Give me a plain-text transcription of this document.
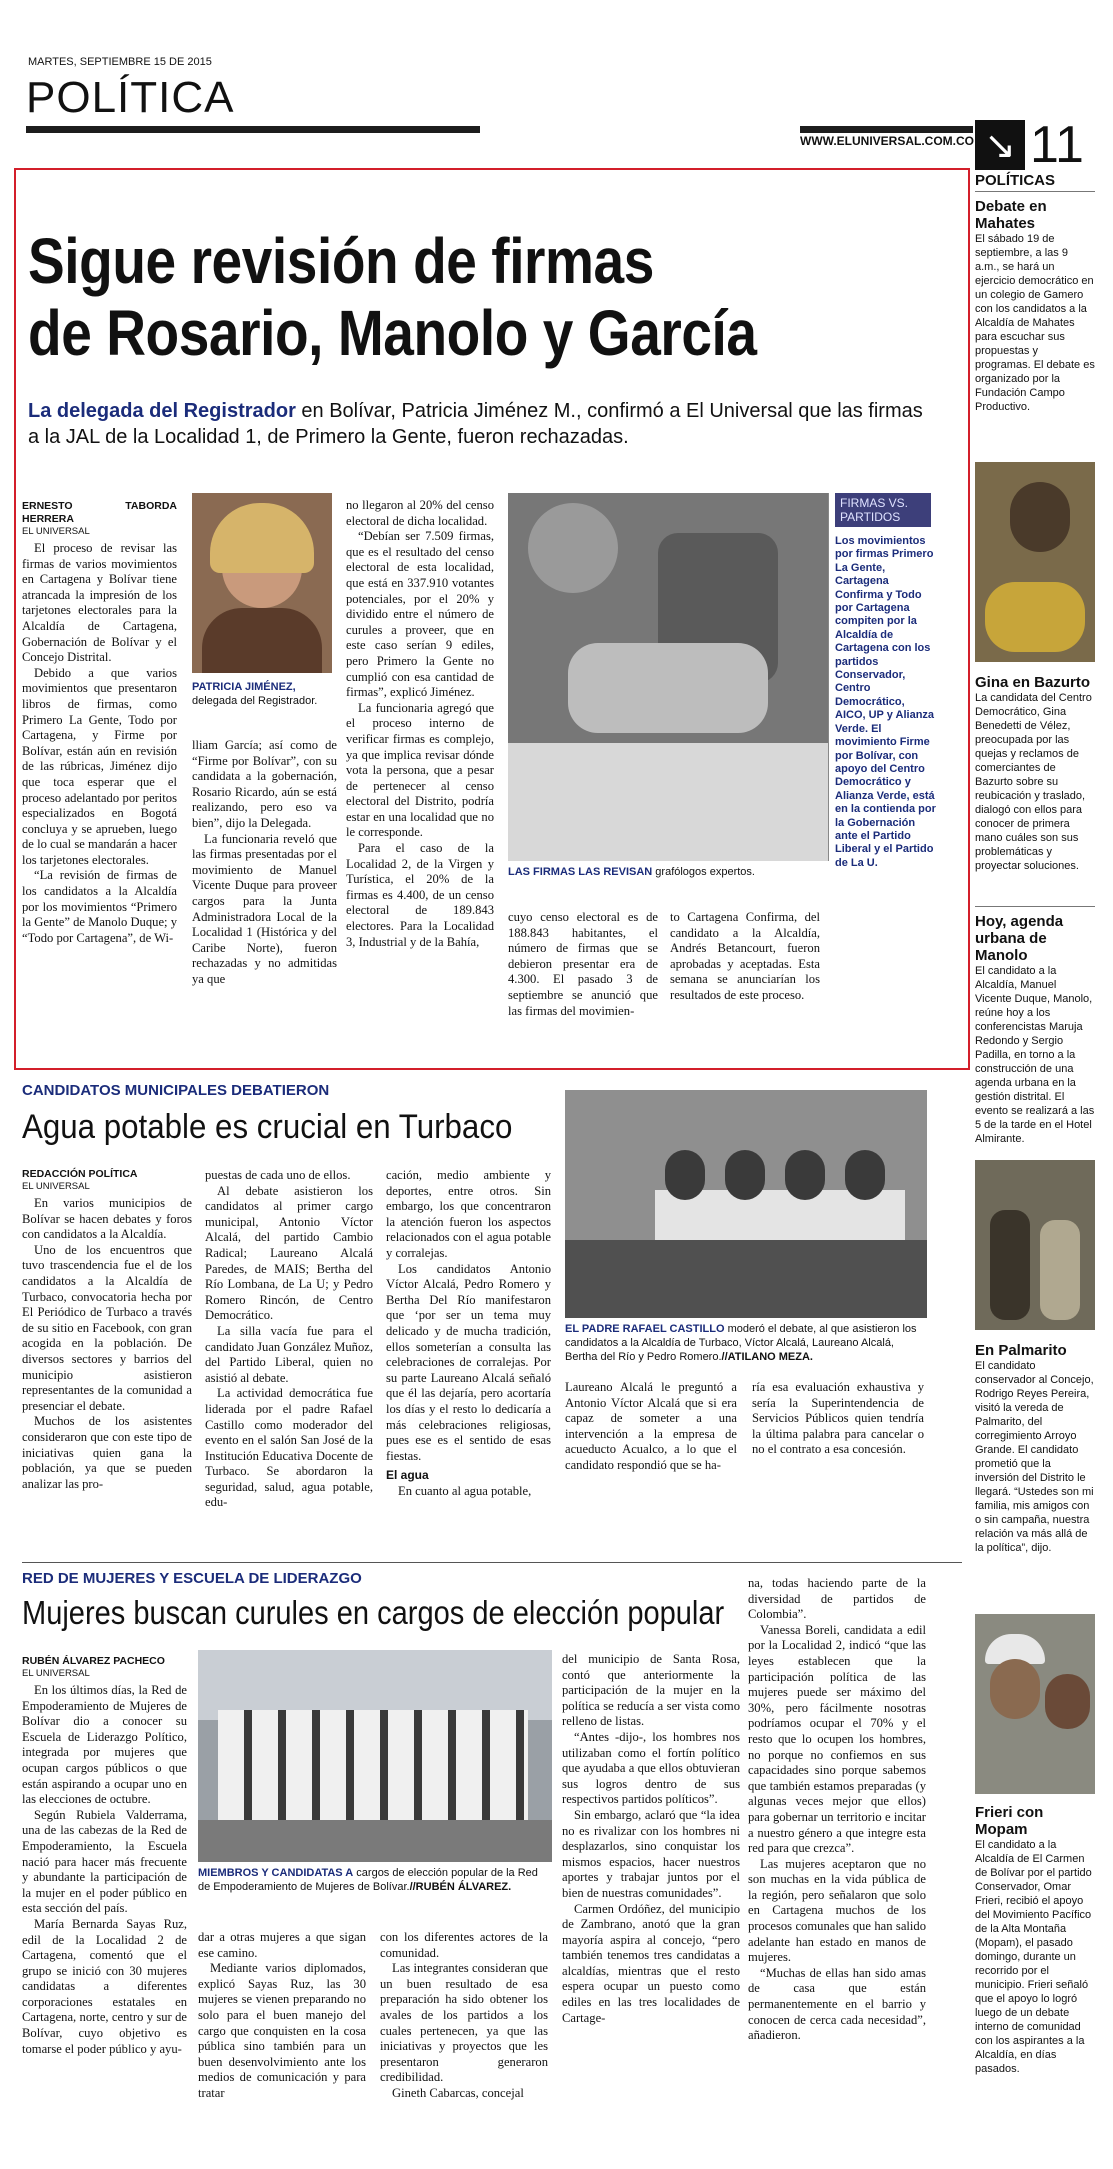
MARTES, SEPTIEMBRE 15 DE 2015
POLÍTICA
WWW.ELUNIVERSAL.COM.CO ↘ 11
Sigue revisión de firmas
de Rosario, Manolo y García
La delegada del Registrador en Bolívar, Patricia Jiménez M., confirmó a El Universal que las firmas a la JAL de la Localidad 1, de Primero la Gente, fueron rechazadas.
ERNESTO TABORDA HERRERA
EL UNIVERSAL

El proceso de revisar las firmas de varios movimientos en Cartagena y Bolívar tiene atrancada la impresión de los tarjetones electorales para la Alcaldía de Cartagena, Gobernación de Bolívar y el Concejo Distrital.

Debido a que varios movimientos que presentaron libros de firmas, como Primero La Gente, Todo por Cartagena, y Firme por Bolívar, están aún en revisión de las rúbricas, Jiménez dijo que toca esperar que el proceso adelantado por peritos especializados en Bogotá concluya y se aprueben, luego de lo cual se mandarán a hacer los tarjetones electorales.

“La revisión de firmas de los candidatos a la Alcaldía por los movimientos “Primero la Gente” de Manolo Duque; y “Todo por Cartagena”, de Wi-

PATRICIA JIMÉNEZ, delegada del Registrador.

lliam García; así como de “Firme por Bolívar”, con su candidata a la gobernación, Rosario Ricardo, aún se está realizando, pero eso va bien”, dijo la Delegada.

La funcionaria reveló que las firmas presentadas por el movimiento de Manuel Vicente Duque para proveer cargos para la Junta Administradora Local de la Localidad 1 (Histórica y del Caribe Norte), fueron rechazadas y no admitidas ya que

no llegaron al 20% del censo electoral de dicha localidad.

“Debían ser 7.509 firmas, que es el resultado del censo electoral de esta localidad, que está en 337.910 votantes potenciales, por el 20% y dividido entre el número de curules a proveer, que en este caso serían 9 ediles, pero Primero la Gente no cumplió con esa cantidad de firmas”, explicó Jiménez.

La funcionaria agregó que el proceso interno de verificar firmas es complejo, ya que implica revisar dónde vota la persona, que a pesar de pertenecer al censo electoral del Distrito, podría estar en una localidad que no le corresponde.

Para el caso de la Localidad 2, de la Virgen y Turística, el 20% de la firmas es 4.400, de un censo electoral de 189.843 electores. Para la Localidad 3, Industrial y de la Bahía,

LAS FIRMAS LAS REVISAN grafólogos expertos.
FIRMAS VS. PARTIDOS
Los movimientos por firmas Primero La Gente, Cartagena Confirma y Todo por Cartagena compiten por la Alcaldía de Cartagena con los partidos Conservador, Centro Democrático, AICO, UP y Alianza Verde. El movimiento Firme por Bolívar, con apoyo del Centro Democrático y Alianza Verde, está en la contienda por la Gobernación ante el Partido Liberal y el Partido de La U.

cuyo censo electoral es de 188.843 habitantes, el número de firmas que se debieron presentar era de 4.300. El pasado 3 de septiembre se anunció que las firmas del movimien-

to Cartagena Confirma, del candidato a la Alcaldía, Andrés Betancourt, fueron aprobadas y aceptadas. Esta semana se anunciarían los resultados de este proceso.

POLÍTICAS
Debate en Mahates
El sábado 19 de septiembre, a las 9 a.m., se hará un ejercicio democrático en un colegio de Gamero con los candidatos a la Alcaldía de Mahates para escuchar sus propuestas y programas. El debate es organizado por la Fundación Campo Productivo.
Gina en Bazurto
La candidata del Centro Democrático, Gina Benedetti de Vélez, preocupada por las quejas y reclamos de comerciantes de Bazurto sobre su reubicación y traslado, dialogó con ellos para conocer de primera mano cuáles son sus problemáticas y proyectar soluciones.
Hoy, agenda urbana de Manolo
El candidato a la Alcaldía, Manuel Vicente Duque, Manolo, reúne hoy a los conferencistas Maruja Redondo y Sergio Padilla, en torno a la construcción de una agenda urbana en la gestión distrital. El evento se realizará a las 5 de la tarde en el Hotel Almirante.
En Palmarito
El candidato conservador al Concejo, Rodrigo Reyes Pereira, visitó la vereda de Palmarito, del corregimiento Arroyo Grande. El candidato prometió que la inversión del Distrito le llegará. “Ustedes son mi familia, mis amigos con o sin campaña, nuestra relación va más allá de la política”, dijo.
Frieri con Mopam
El candidato a la Alcaldía de El Carmen de Bolívar por el partido Conservador, Omar Frieri, recibió el apoyo del Movimiento Pacífico de la Alta Montaña (Mopam), el pasado domingo, durante un recorrido por el municipio. Frieri señaló que el apoyo lo logró luego de un debate interno de comunidad con los aspirantes a la Alcaldía, en días pasados.
CANDIDATOS MUNICIPALES DEBATIERON
Agua potable es crucial en Turbaco
REDACCIÓN POLÍTICA
EL UNIVERSAL

En varios municipios de Bolívar se hacen debates y foros con candidatos a la Alcaldía.

Uno de los encuentros que tuvo trascendencia fue el de los candidatos a la Alcaldía de Turbaco, convocatoria hecha por El Periódico de Turbaco a través de su sitio en Facebook, con gran acogida en la población. De diversos sectores y barrios del municipio asistieron representantes de la comunidad a presenciar el debate.

Muchos de los asistentes consideraron que con este tipo de iniciativas quien gana la población, ya que se pueden analizar las pro-

puestas de cada uno de ellos.

Al debate asistieron los candidatos al primer cargo municipal, Antonio Víctor Alcalá, del partido Cambio Radical; Laureano Alcalá Paredes, de MAIS; Bertha del Río Lombana, de La U; y Pedro Romero Rincón, de Centro Democrático.

La silla vacía fue para el candidato Juan González Muñoz, del Partido Liberal, quien no asistió al debate.

La actividad democrática fue liderada por el padre Rafael Castillo como moderador del evento en el salón San José de la Institución Educativa Docente de Turbaco. Se abordaron la seguridad, salud, agua potable, edu-

cación, medio ambiente y deportes, entre otros. Sin embargo, los que concentraron la atención fueron los aspectos relacionados con el agua potable y corralejas.

Los candidatos Antonio Víctor Alcalá, Pedro Romero y Bertha Del Río manifestaron que ‘por ser un tema muy delicado y de mucha tradición, ellos someterían a consulta las celebraciones de corralejas. Por su parte Laureano Alcalá señaló que él las dejaría, pero acortaría los días y el resto lo dedicaría a más celebraciones religiosas, pues ese es el sentido de esas fiestas.

El agua

En cuanto al agua potable,

EL PADRE RAFAEL CASTILLO moderó el debate, al que asistieron los candidatos a la Alcaldía de Turbaco, Víctor Alcalá, Laureano Alcalá, Bertha del Río y Pedro Romero.//ATILANO MEZA.

Laureano Alcalá le preguntó a Antonio Víctor Alcalá que si era capaz de someter a una intervención a la empresa de acueducto Acualco, a lo que el candidato respondió que se ha-

ría esa evaluación exhaustiva y sería la Superintendencia de Servicios Públicos quien tendría la última palabra para cancelar o no el contrato a esa concesión.

RED DE MUJERES Y ESCUELA DE LIDERAZGO
Mujeres buscan curules en cargos de elección popular
RUBÉN ÁLVAREZ PACHECO
EL UNIVERSAL

En los últimos días, la Red de Empoderamiento de Mujeres de Bolívar dio a conocer su Escuela de Liderazgo Político, integrada por mujeres que ocupan cargos públicos o que están aspirando a ocupar uno en las elecciones de octubre.

Según Rubiela Valderrama, una de las cabezas de la Red de Empoderamiento, la Escuela nació para hacer más frecuente y abundante la participación de la mujer en el poder público en esta sección del país.

María Bernarda Sayas Ruz, edil de la Localidad 2 de Cartagena, comentó que el grupo se inició con 30 mujeres candidatas a diferentes corporaciones estatales en Cartagena, norte, centro y sur de Bolívar, cuyo objetivo es tomarse el poder público y ayu-

MIEMBROS Y CANDIDATAS A cargos de elección popular de la Red de Empoderamiento de Mujeres de Bolívar.//RUBÉN ÁLVAREZ.

dar a otras mujeres a que sigan ese camino.

Mediante varios diplomados, explicó Sayas Ruz, las 30 mujeres se vienen preparando no solo para el buen manejo del cargo que conquisten en la cosa pública sino también para un buen desenvolvimiento ante los medios de comunicación y para tratar

con los diferentes actores de la comunidad.

Las integrantes consideran que un buen resultado de esa preparación ha sido obtener los avales de los partidos a los cuales pertenecen, ya que las iniciativas y proyectos que les presentaron generaron credibilidad.

Gineth Cabarcas, concejal

del municipio de Santa Rosa, contó que anteriormente la participación de la mujer en la política se reducía a ser vista como relleno de listas.

“Antes -dijo-, los hombres nos utilizaban como el fortín político que ayudaba a que ellos obtuvieran sus logros dentro de sus respectivos partidos políticos”.

Sin embargo, aclaró que “la idea no es rivalizar con los hombres ni desplazarlos, sino conquistar los mismos espacios, hacer nuestros aportes y trabajar juntos por el bien de nuestras comunidades”.

Carmen Ordóñez, del municipio de Zambrano, anotó que la gran mayoría aspira al concejo, “pero también tenemos tres candidatas a alcaldías, mientras que el resto espera ocupar un puesto como ediles en las tres localidades de Cartage-

na, todas haciendo parte de la diversidad de partidos de Colombia”.

Vanessa Boreli, candidata a edil por la Localidad 2, indicó “que las leyes establecen que la participación política de las mujeres puede ser máximo del 30%, pero fácilmente nosotras podríamos ocupar el 70% y el resto que lo ocupen los hombres, no porque no confiemos en sus capacidades sino porque sabemos que también estamos preparadas (y algunas veces mejor que ellos) para gobernar un territorio e incitar a nuestro género a que integre esta red para que crezca”.

Las mujeres aceptaron que no son muchas en la vida pública de la región, pero señalaron que solo en Cartagena muchos de los procesos comunales que han salido adelante han estado en manos de mujeres.

“Muchas de ellas han sido amas de casa que están permanentemente en el barrio y conocen de cerca cada necesidad”, añadieron.
